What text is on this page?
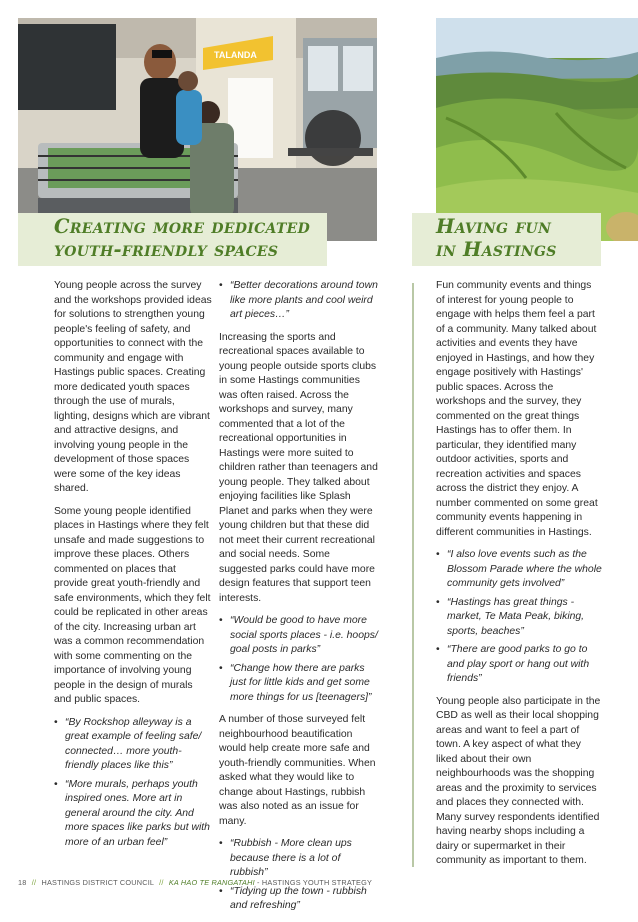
TALANDA
Creating more dedicated
youth-friendly spaces
Having fun
in Hastings

Young people across the survey and the workshops provided ideas for solutions to strengthen young people's feeling of safety, and opportunities to connect with the community and engage with Hastings public spaces. Creating more dedicated youth spaces through the use of murals, lighting, designs which are vibrant and attractive designs, and involving young people in the development of those spaces were some of the key ideas shared.

Some young people identified places in Hastings where they felt unsafe and made suggestions to improve these places. Others commented on places that provide great youth-friendly and safe environments, which they felt could be replicated in other areas of the city. Increasing urban art was a common recommendation with some commenting on the importance of involving young people in the design of murals and public spaces.

• “By Rockshop alleyway is a great example of feeling safe/ connected… more youth-friendly places like this”
• “More murals, perhaps youth inspired ones. More art in general around the city. And more spaces like parks but with more of an urban feel”
• “Better decorations around town like more plants and cool weird art pieces…”

Increasing the sports and recreational spaces available to young people outside sports clubs in some Hastings communities was often raised. Across the workshops and survey, many commented that a lot of the recreational opportunities in Hastings were more suited to children rather than teenagers and young people. They talked about enjoying facilities like Splash Planet and parks when they were young children but that these did not meet their current recreational and social needs. Some suggested parks could have more design features that support teen interests.

• “Would be good to have more social sports places - i.e. hoops/ goal posts in parks”
• “Change how there are parks just for little kids and get some more things for us [teenagers]”

A number of those surveyed felt neighbourhood beautification would help create more safe and youth-friendly communities. When asked what they would like to change about Hastings, rubbish was also noted as an issue for many.

• “Rubbish - More clean ups because there is a lot of rubbish”
• “Tidying up the town - rubbish and refreshing”

Fun community events and things of interest for young people to engage with helps them feel a part of a community. Many talked about activities and events they have enjoyed in Hastings, and how they engage positively with Hastings' public spaces. Across the workshops and the survey, they commented on the great things Hastings has to offer them. In particular, they identified many outdoor activities, sports and recreation activities and spaces across the district they enjoy. A number commented on some great community events happening in different communities in Hastings.

• “I also love events such as the Blossom Parade where the whole community gets involved”
• “Hastings has great things - market, Te Mata Peak, biking, sports, beaches”
• “There are good parks to go to and play sport or hang out with friends”

Young people also participate in the CBD as well as their local shopping areas and want to feel a part of town. A key aspect of what they liked about their own neighbourhoods was the shopping areas and the proximity to services and places they connected with. Many survey respondents identified having nearby shops including a dairy or supermarket in their community as important to them.

18 // HASTINGS DISTRICT COUNCIL // KA HAO TE RANGATAHI - HASTINGS YOUTH STRATEGY
